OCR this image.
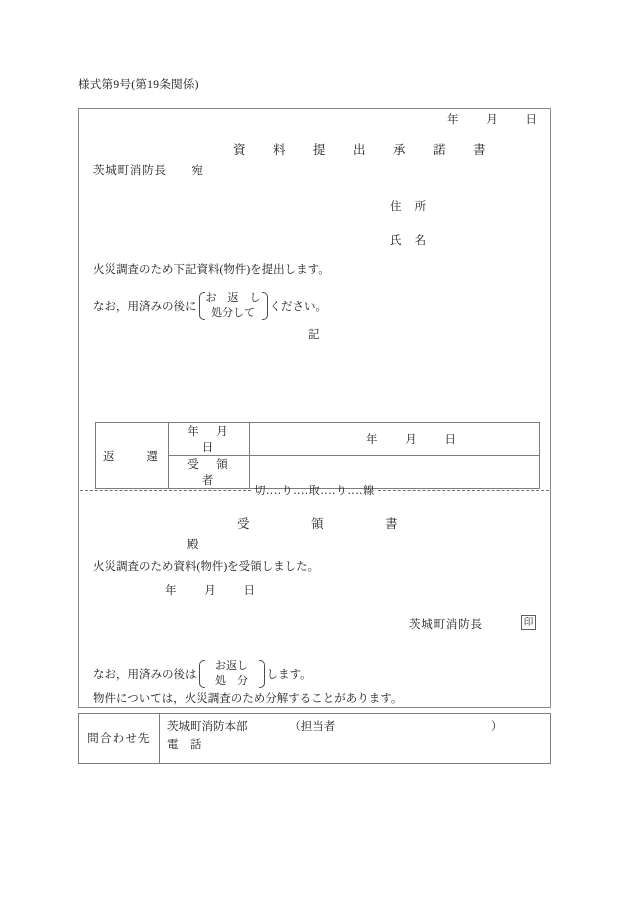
様式第9号(第19条関係)
年 月 日
資　料　提　出　承　諾　書
茨城町消防長　　宛
住　所
氏　名
火災調査のため下記資料(物件)を提出します。
なお，用済みの後に
お　返　し
処分して	ください。
記
返　　還	年　月　日	年 月 日
	受　領　者	
切‥‥り‥‥取‥‥り‥‥線
受　　　領　　　書
殿
火災調査のため資料(物件)を受領しました。
年 月 日
茨城町消防長	印
なお，用済みの後は
お返し
処　分	します。
物件については，火災調査のため分解することがあります。
問合わせ先	
茨城町消防本部	（担当者	）
電　話
